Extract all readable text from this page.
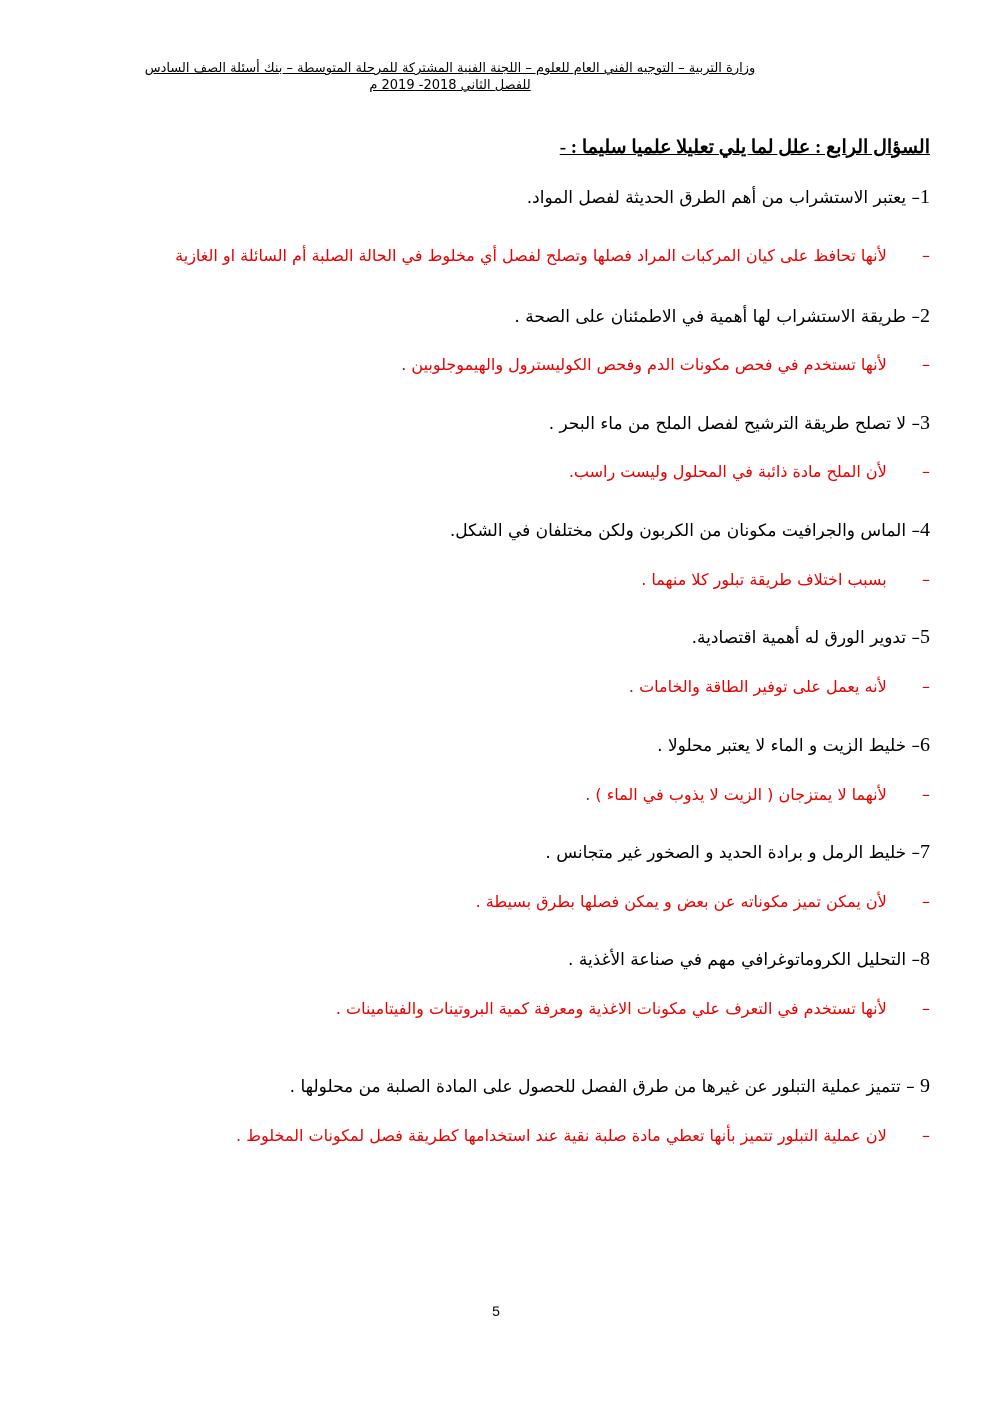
وزارة التربية – التوجيه الفني العام للعلوم – اللجنة الفنية المشتركة للمرحلة المتوسطة – بنك أسئلة الصف السادس
للفصل الثاني 2018- 2019 م
السؤال الرابع : علل لما يلي تعليلا علميا سليما : -
1– يعتبر الاستشراب من أهم الطرق الحديثة لفصل المواد.
–   لأنها تحافظ على كيان المركبات المراد فصلها وتصلح لفصل أي مخلوط في الحالة الصلبة أم السائلة او الغازية
2– طريقة الاستشراب لها أهمية في الاطمئنان على الصحة .
–   لأنها تستخدم في فحص مكونات الدم وفحص الكوليسترول والهيموجلوبين .
3– لا تصلح طريقة الترشيح لفصل الملح من ماء البحر .
–   لأن الملح مادة ذائبة في المحلول وليست راسب.
4– الماس والجرافيت مكونان من الكربون ولكن مختلفان في الشكل.
–   بسبب اختلاف طريقة تبلور كلا منهما .
5– تدوير الورق له أهمية اقتصادية.
–   لأنه يعمل على توفير الطاقة والخامات .
6– خليط الزيت و الماء لا يعتبر محلولا .
–   لأنهما لا يمتزجان ( الزيت لا يذوب في الماء ) .
7– خليط الرمل و برادة الحديد و الصخور غير متجانس .
–   لأن يمكن تميز مكوناته عن بعض و يمكن فصلها بطرق بسيطة .
8– التحليل الكروماتوغرافي مهم في صناعة الأغذية .
–   لأنها تستخدم في التعرف علي مكونات الاغذية ومعرفة كمية البروتينات والفيتامينات .
9 – تتميز عملية التبلور عن غيرها من طرق الفصل للحصول على المادة الصلبة من محلولها .
–   لان عملية التبلور تتميز بأنها تعطي مادة صلبة نقية عند استخدامها كطريقة فصل لمكونات المخلوط .
5
